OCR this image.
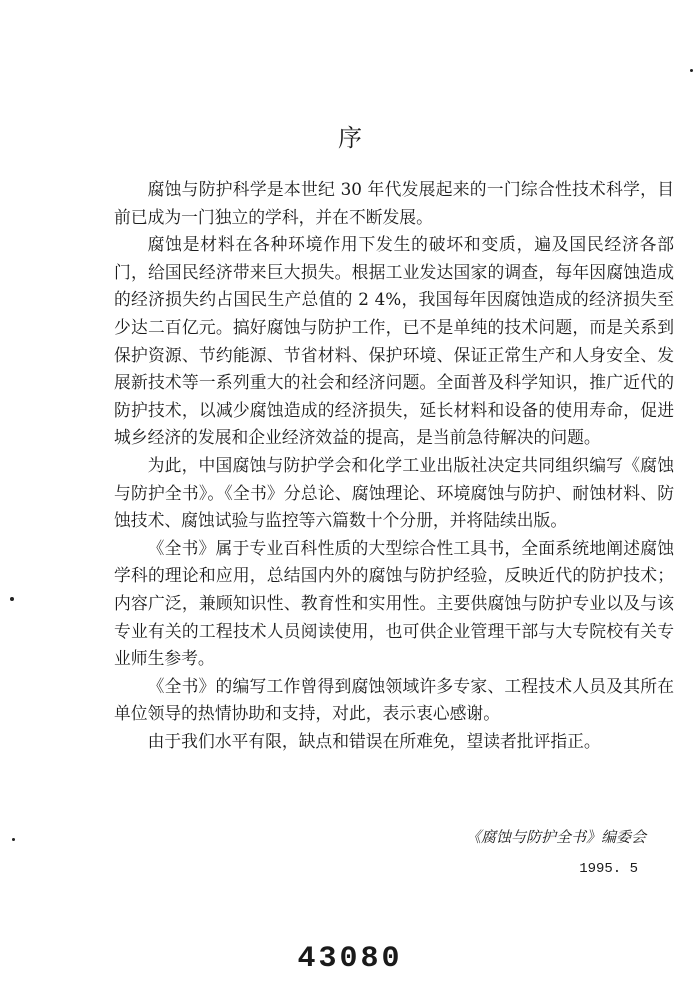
序

腐蚀与防护科学是本世纪 30 年代发展起来的一门综合性技术科学，目前已成为一门独立的学科，并在不断发展。

腐蚀是材料在各种环境作用下发生的破坏和变质，遍及国民经济各部门，给国民经济带来巨大损失。根据工业发达国家的调查，每年因腐蚀造成的经济损失约占国民生产总值的 2 4%，我国每年因腐蚀造成的经济损失至少达二百亿元。搞好腐蚀与防护工作，已不是单纯的技术问题，而是关系到保护资源、节约能源、节省材料、保护环境、保证正常生产和人身安全、发展新技术等一系列重大的社会和经济问题。全面普及科学知识，推广近代的防护技术，以减少腐蚀造成的经济损失，延长材料和设备的使用寿命，促进城乡经济的发展和企业经济效益的提高，是当前急待解决的问题。

为此，中国腐蚀与防护学会和化学工业出版社决定共同组织编写《腐蚀与防护全书》。《全书》分总论、腐蚀理论、环境腐蚀与防护、耐蚀材料、防蚀技术、腐蚀试验与监控等六篇数十个分册，并将陆续出版。

《全书》属于专业百科性质的大型综合性工具书，全面系统地阐述腐蚀学科的理论和应用，总结国内外的腐蚀与防护经验，反映近代的防护技术；内容广泛，兼顾知识性、教育性和实用性。主要供腐蚀与防护专业以及与该专业有关的工程技术人员阅读使用，也可供企业管理干部与大专院校有关专业师生参考。

《全书》的编写工作曾得到腐蚀领域许多专家、工程技术人员及其所在单位领导的热情协助和支持，对此，表示衷心感谢。

由于我们水平有限，缺点和错误在所难免，望读者批评指正。

《腐蚀与防护全书》编委会
1995. 5
43080
